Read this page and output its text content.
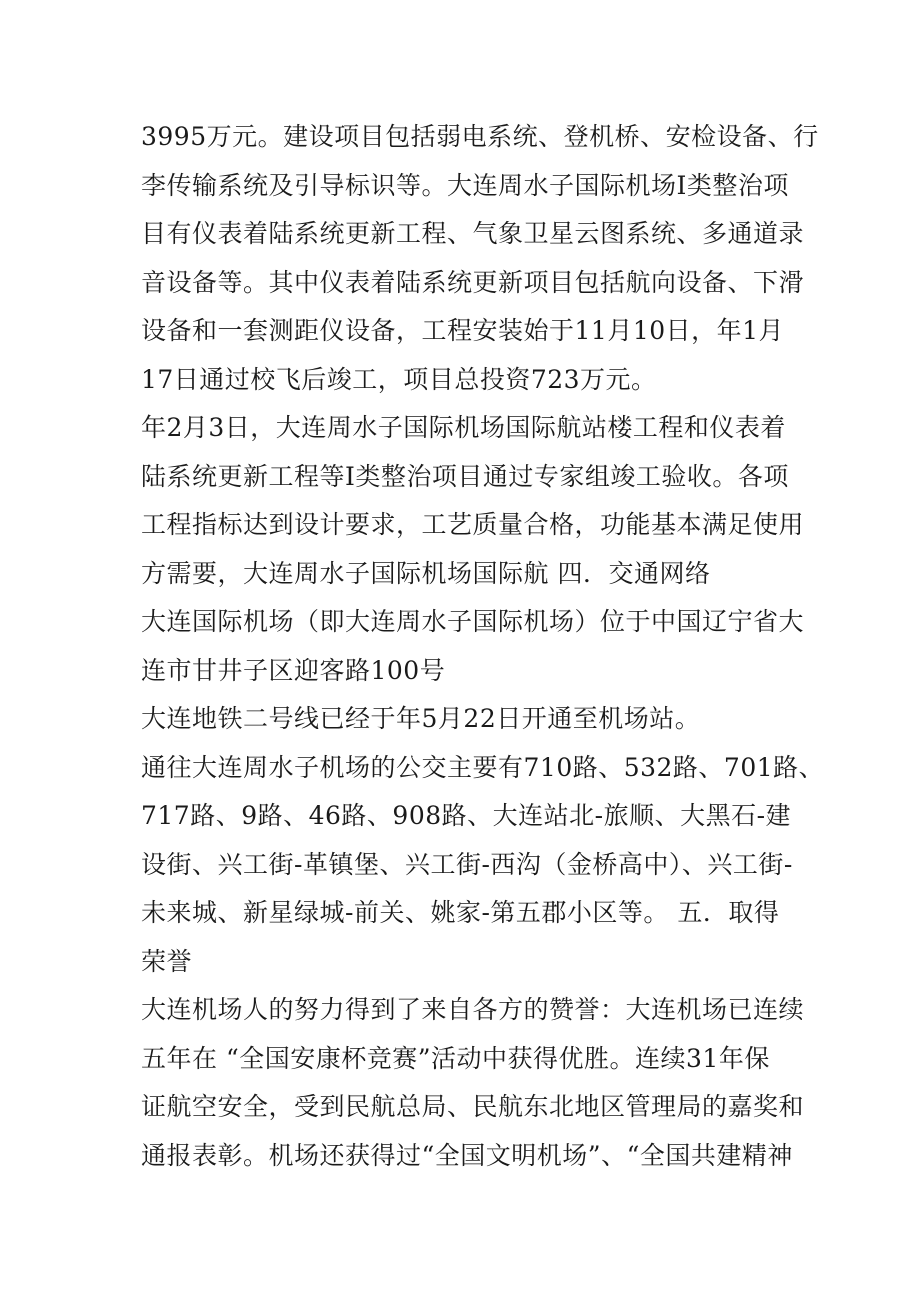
3995万元。建设项目包括弱电系统、登机桥、安检设备、行
李传输系统及引导标识等。大连周水子国际机场I类整治项
目有仪表着陆系统更新工程、气象卫星云图系统、多通道录
音设备等。其中仪表着陆系统更新项目包括航向设备、下滑
设备和一套测距仪设备，工程安装始于11月10日，年1月
17日通过校飞后竣工，项目总投资723万元。
年2月3日，大连周水子国际机场国际航站楼工程和仪表着
陆系统更新工程等I类整治项目通过专家组竣工验收。各项
工程指标达到设计要求，工艺质量合格，功能基本满足使用
方需要，大连周水子国际机场国际航 四．交通网络
大连国际机场（即大连周水子国际机场）位于中国辽宁省大
连市甘井子区迎客路100号
大连地铁二号线已经于年5月22日开通至机场站。
通往大连周水子机场的公交主要有710路、532路、701路、
717路、9路、46路、908路、大连站北-旅顺、大黑石-建
设街、兴工街-革镇堡、兴工街-西沟（金桥高中）、兴工街-
未来城、新星绿城-前关、姚家-第五郡小区等。 五．取得
荣誉
大连机场人的努力得到了来自各方的赞誉：大连机场已连续
五年在 “全国安康杯竞赛”活动中获得优胜。连续31年保
证航空安全，受到民航总局、民航东北地区管理局的嘉奖和
通报表彰。机场还获得过“全国文明机场”、“全国共建精神
